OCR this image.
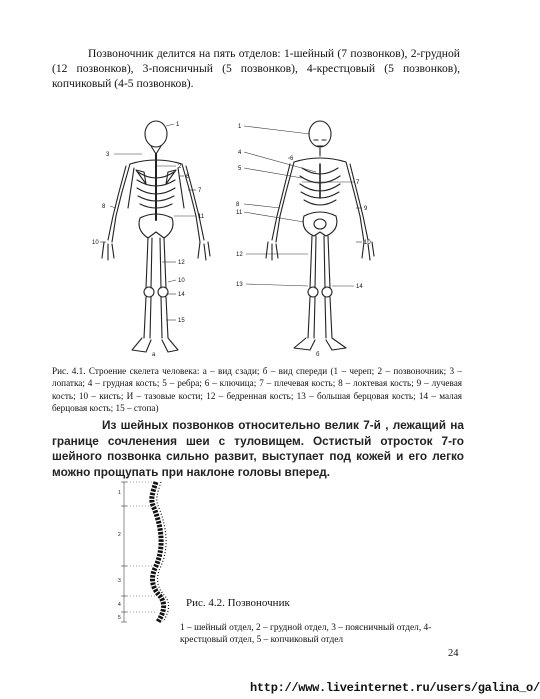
Позвоночник делится на пять отделов: 1-шейный (7 позвонков), 2-грудной (12 позвонков), 3-поясничный (5 позвонков), 4-крестцовый (5 позвонков), копчиковый (4-5 позвонков).
1
3
2
6
7
8
11
10
12
10
14
15
1
4
5
6
7
8
11
9
10
12
13	14
а	б
Рис. 4.1. Строение скелета человека: а – вид сзади; б – вид спереди (1 – череп; 2 – позвоночник; 3 – лопатка; 4 – грудная кость; 5 – ребра; 6 – ключица; 7 – плечевая кость; 8 – локтевая кость; 9 – лучевая кость; 10 – кисть; И – тазовые кости; 12 – бедренная кость; 13 – большая берцовая кость; 14 – малая берцовая кость; 15 – стопа)
Из шейных позвонков относительно велик 7-й , лежащий на границе сочленения шеи с туловищем. Остистый отросток 7-го шейного позвонка сильно развит, выступает под кожей и его легко можно прощупать при наклоне головы вперед.
1
2
3
4
5
Рис. 4.2. Позвоночник
1 – шейный отдел, 2 – грудной отдел, 3 – поясничный отдел, 4-крестцовый отдел, 5 – копчиковый отдел
24
http://www.liveinternet.ru/users/galina_o/
